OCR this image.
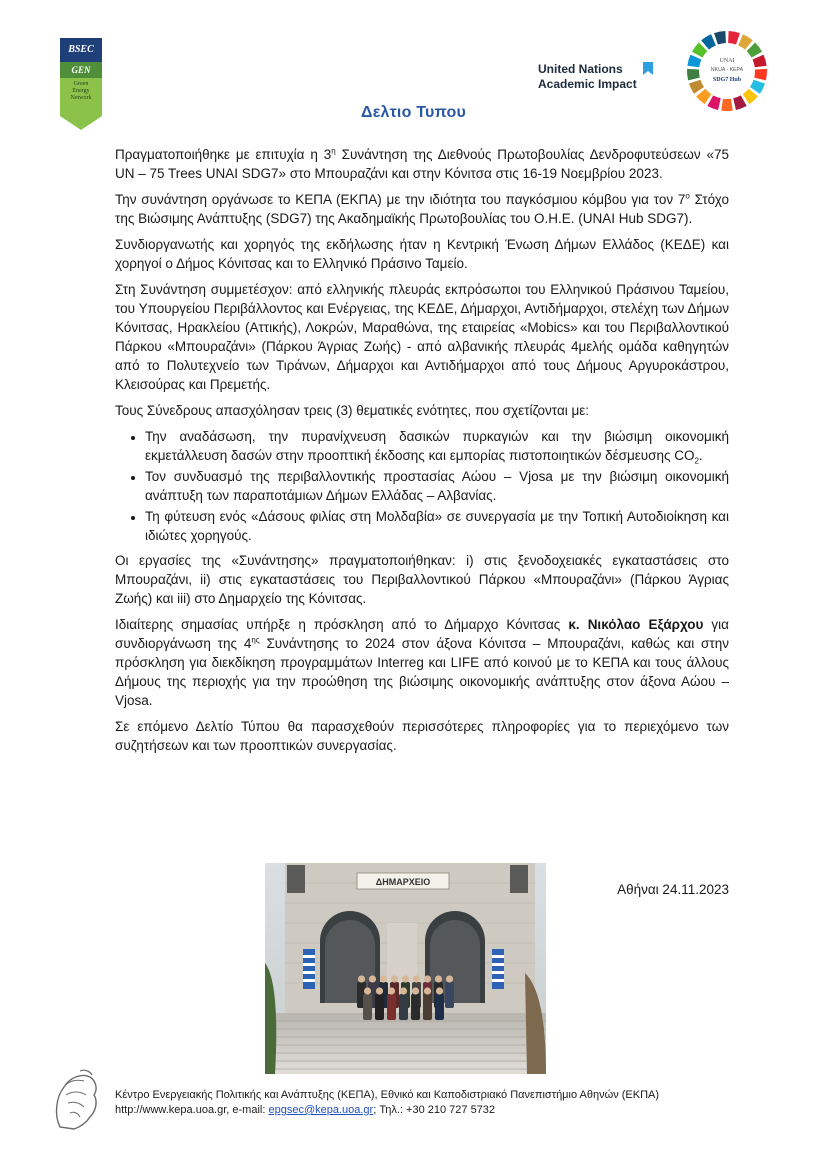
BSEC
GEN
Green
Energy
Network
United Nations
Academic Impact
UNAI
NKUA - KEPA
SDG7 Hub
Δελτιο Τυπου

Πραγματοποιήθηκε με επιτυχία η $3^\eta$ Συνάντηση της Διεθνούς Πρωτοβουλίας Δενδροφυτεύσεων «75 UN – 75 Trees UNAI SDG7» στο Μπουραζάνι και στην Κόνιτσα στις 16-19 Νοεμβρίου 2023.

Την συνάντηση οργάνωσε το ΚΕΠΑ (ΕΚΠΑ) με την ιδιότητα του παγκόσμιου κόμβου για τον $7^o$ Στόχο της Βιώσιμης Ανάπτυξης (SDG7) της Ακαδημαϊκής Πρωτοβουλίας του Ο.Η.Ε. (UNAI Hub SDG7).

Συνδιοργανωτής και χορηγός της εκδήλωσης ήταν η Κεντρική Ένωση Δήμων Ελλάδος (ΚΕΔΕ) και χορηγοί ο Δήμος Κόνιτσας και το Ελληνικό Πράσινο Ταμείο.

Στη Συνάντηση συμμετέσχον: από ελληνικής πλευράς εκπρόσωποι του Ελληνικού Πράσινου Ταμείου, του Υπουργείου Περιβάλλοντος και Ενέργειας, της ΚΕΔΕ, Δήμαρχοι, Αντιδήμαρχοι, στελέχη των Δήμων Κόνιτσας, Ηρακλείου (Αττικής), Λοκρών, Μαραθώνα, της εταιρείας «Mobics» και του Περιβαλλοντικού Πάρκου «Μπουραζάνι» (Πάρκου Άγριας Ζωής) - από αλβανικής πλευράς 4μελής ομάδα καθηγητών από το Πολυτεχνείο των Τιράνων, Δήμαρχοι και Αντιδήμαρχοι από τους Δήμους Αργυροκάστρου, Κλεισούρας και Πρεμετής.

Τους Σύνεδρους απασχόλησαν τρεις (3) θεματικές ενότητες, που σχετίζονται με:

• Την αναδάσωση, την πυρανίχνευση δασικών πυρκαγιών και την βιώσιμη οικονομική εκμετάλλευση δασών στην προοπτική έκδοσης και εμπορίας πιστοποιητικών δέσμευσης $CO_2$.
• Τον συνδυασμό της περιβαλλοντικής προστασίας Αώου – Vjosa με την βιώσιμη οικονομική ανάπτυξη των παραποτάμιων Δήμων Ελλάδας – Αλβανίας.
• Τη φύτευση ενός «Δάσους φιλίας στη Μολδαβία» σε συνεργασία με την Τοπική Αυτοδιοίκηση και ιδιώτες χορηγούς.

Οι εργασίες της «Συνάντησης» πραγματοποιήθηκαν: i) στις ξενοδοχειακές εγκαταστάσεις στο Μπουραζάνι, ii) στις εγκαταστάσεις του Περιβαλλοντικού Πάρκου «Μπουραζάνι» (Πάρκου Άγριας Ζωής) και iii) στο Δημαρχείο της Κόνιτσας.

Ιδιαίτερης σημασίας υπήρξε η πρόσκληση από το Δήμαρχο Κόνιτσας κ. Νικόλαο Εξάρχου για συνδιοργάνωση της $4^{\eta\varsigma}$ Συνάντησης το 2024 στον άξονα Κόνιτσα – Μπουραζάνι, καθώς και στην πρόσκληση για διεκδίκηση προγραμμάτων Interreg και LIFE από κοινού με το ΚΕΠΑ και τους άλλους Δήμους της περιοχής για την προώθηση της βιώσιμης οικονομικής ανάπτυξης στον άξονα Αώου – Vjosa.

Σε επόμενο Δελτίο Τύπου θα παρασχεθούν περισσότερες πληροφορίες για το περιεχόμενο των συζητήσεων και των προοπτικών συνεργασίας.

ΔΗΜΑΡΧΕΙΟ	Αθήναι 24.11.2023
Κέντρο Ενεργειακής Πολιτικής και Ανάπτυξης (ΚΕΠΑ), Εθνικό και Καποδιστριακό Πανεπιστήμιο Αθηνών (ΕΚΠΑ)
http://www.kepa.uoa.gr, e-mail: epgsec@kepa.uoa.gr; Τηλ.: +30 210 727 5732
